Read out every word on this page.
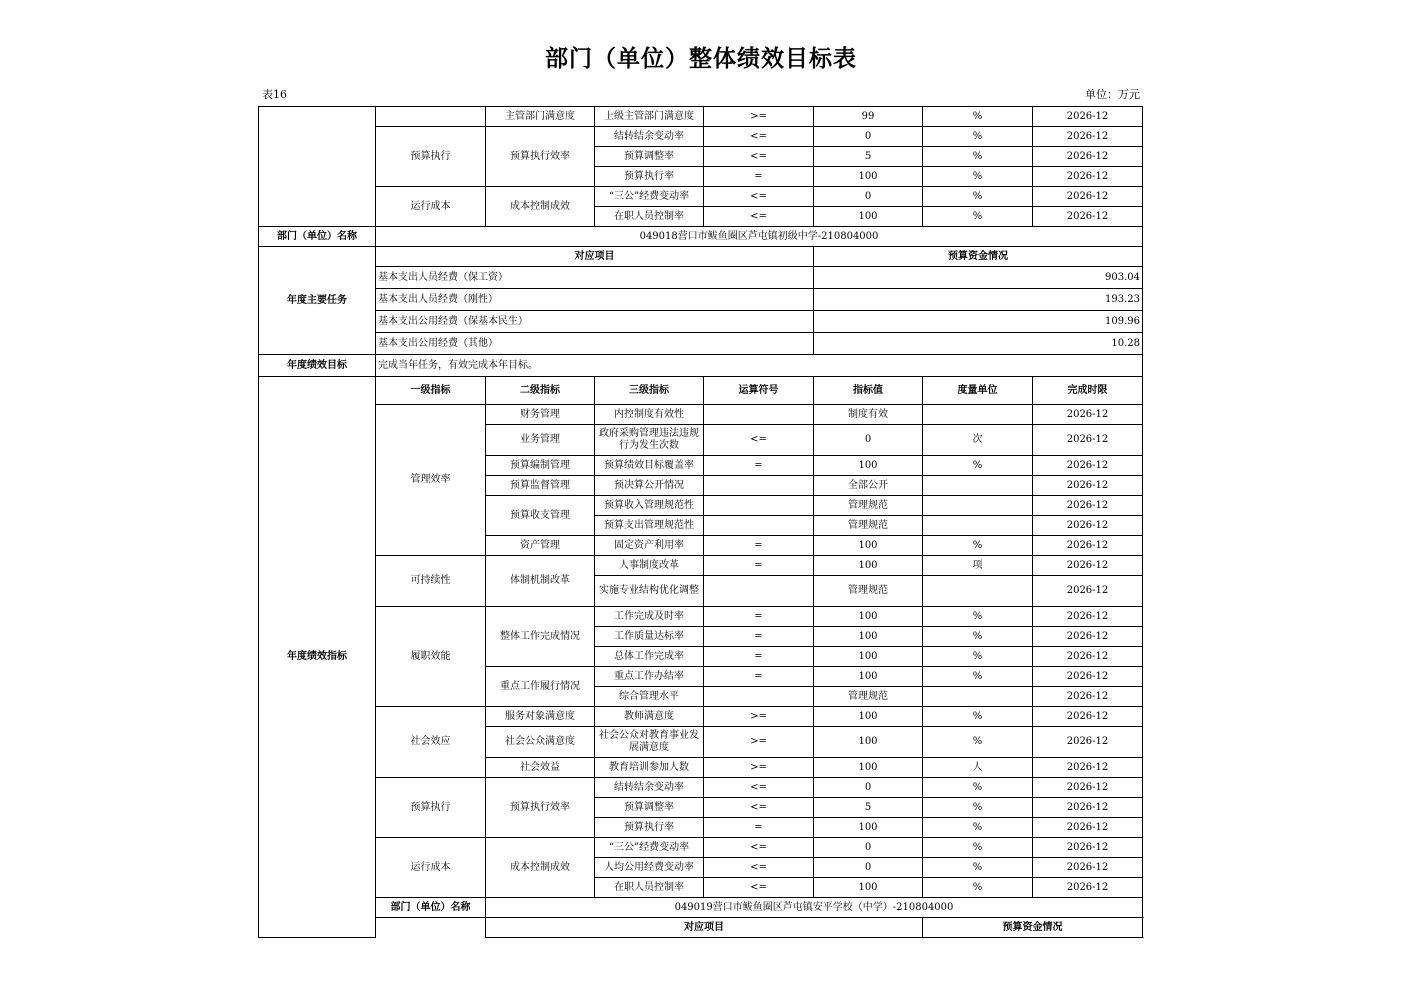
部门（单位）整体绩效目标表
表16	单位：万元
		主管部门满意度	上级主管部门满意度	>=	99	%	2026-12
	预算执行	预算执行效率	结转结余变动率	<=	0	%	2026-12
			预算调整率	<=	5	%	2026-12
			预算执行率	=	100	%	2026-12
	运行成本	成本控制成效	“三公”经费变动率	<=	0	%	2026-12
			在职人员控制率	<=	100	%	2026-12
部门（单位）名称	049018营口市鲅鱼圈区芦屯镇初级中学-210804000						
年度主要任务	对应项目				预算资金情况		
	基本支出人员经费（保工资）				903.04		
	基本支出人员经费（刚性）				193.23		
	基本支出公用经费（保基本民生）				109.96		
	基本支出公用经费（其他）				10.28		
年度绩效目标	完成当年任务，有效完成本年目标。						
年度绩效指标	一级指标	二级指标	三级指标	运算符号	指标值	度量单位	完成时限
	管理效率	财务管理	内控制度有效性		制度有效		2026-12
		业务管理	政府采购管理违法违规行为发生次数	<=	0	次	2026-12
		预算编制管理	预算绩效目标覆盖率	=	100	%	2026-12
		预算监督管理	预决算公开情况		全部公开		2026-12
		预算收支管理	预算收入管理规范性		管理规范		2026-12
			预算支出管理规范性		管理规范		2026-12
		资产管理	固定资产利用率	=	100	%	2026-12
	可持续性	体制机制改革	人事制度改革	=	100	项	2026-12
			实施专业结构优化调整		管理规范		2026-12
	履职效能	整体工作完成情况	工作完成及时率	=	100	%	2026-12
			工作质量达标率	=	100	%	2026-12
			总体工作完成率	=	100	%	2026-12
		重点工作履行情况	重点工作办结率	=	100	%	2026-12
			综合管理水平		管理规范		2026-12
	社会效应	服务对象满意度	教师满意度	>=	100	%	2026-12
		社会公众满意度	社会公众对教育事业发展满意度	>=	100	%	2026-12
		社会效益	教育培训参加人数	>=	100	人	2026-12
	预算执行	预算执行效率	结转结余变动率	<=	0	%	2026-12
			预算调整率	<=	5	%	2026-12
			预算执行率	=	100	%	2026-12
	运行成本	成本控制成效	“三公”经费变动率	<=	0	%	2026-12
			人均公用经费变动率	<=	0	%	2026-12
			在职人员控制率	<=	100	%	2026-12
	部门（单位）名称	049019营口市鲅鱼圈区芦屯镇安平学校（中学）-210804000					
		对应项目				预算资金情况	
